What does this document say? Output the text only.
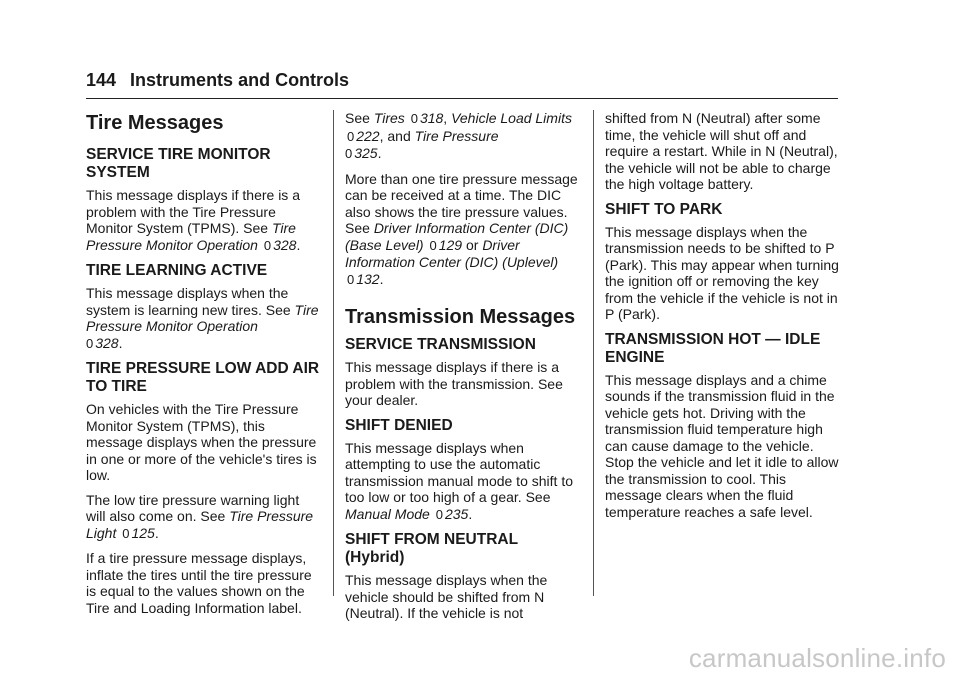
144 Instruments and Controls
Tire Messages
SERVICE TIRE MONITOR SYSTEM

This message displays if there is a problem with the Tire Pressure Monitor System (TPMS). See Tire Pressure Monitor Operation 0 328.

TIRE LEARNING ACTIVE

This message displays when the system is learning new tires. See Tire Pressure Monitor Operation
0 328.

TIRE PRESSURE LOW ADD AIR TO TIRE

On vehicles with the Tire Pressure Monitor System (TPMS), this message displays when the pressure in one or more of the vehicle's tires is low.

The low tire pressure warning light will also come on. See Tire Pressure Light 0 125.

If a tire pressure message displays, inflate the tires until the tire pressure is equal to the values shown on the Tire and Loading Information label.

See Tires 0 318, Vehicle Load Limits 0 222, and Tire Pressure
0 325.

More than one tire pressure message can be received at a time. The DIC also shows the tire pressure values. See Driver Information Center (DIC) (Base Level) 0 129 or Driver Information Center (DIC) (Uplevel) 0 132.

Transmission Messages
SERVICE TRANSMISSION

This message displays if there is a problem with the transmission. See your dealer.

SHIFT DENIED

This message displays when attempting to use the automatic transmission manual mode to shift to too low or too high of a gear. See Manual Mode 0 235.

SHIFT FROM NEUTRAL (Hybrid)

This message displays when the vehicle should be shifted from N (Neutral). If the vehicle is not

shifted from N (Neutral) after some time, the vehicle will shut off and require a restart. While in N (Neutral), the vehicle will not be able to charge the high voltage battery.

SHIFT TO PARK

This message displays when the transmission needs to be shifted to P (Park). This may appear when turning the ignition off or removing the key from the vehicle if the vehicle is not in P (Park).

TRANSMISSION HOT — IDLE ENGINE

This message displays and a chime sounds if the transmission fluid in the vehicle gets hot. Driving with the transmission fluid temperature high can cause damage to the vehicle. Stop the vehicle and let it idle to allow the transmission to cool. This message clears when the fluid temperature reaches a safe level.

carmanualsonline.info
